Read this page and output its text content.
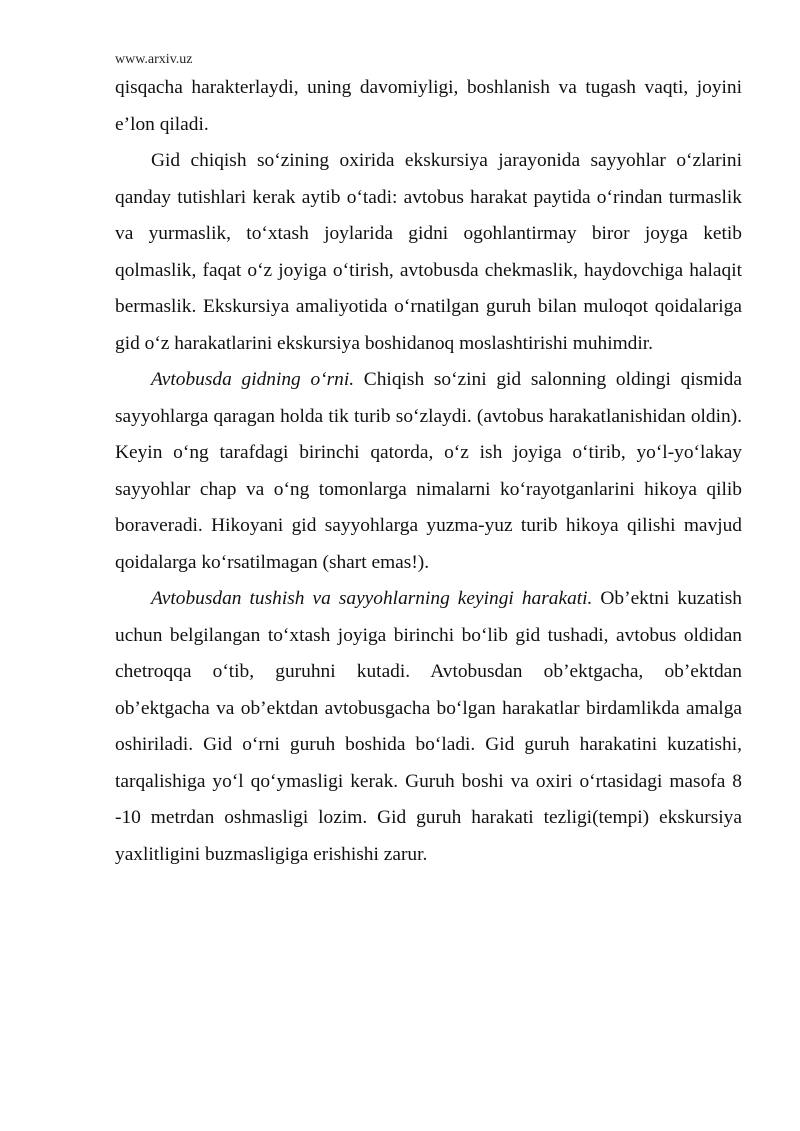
www.arxiv.uz

qisqacha harakterlaydi, uning davomiyligi, boshlanish va tugash vaqti, joyini e’lon qiladi.

Gid chiqish so‘zining oxirida ekskursiya jarayonida sayyohlar o‘zlarini qanday tutishlari kerak aytib o‘tadi: avtobus harakat paytida o‘rindan turmaslik va yurmaslik, to‘xtash joylarida gidni ogohlantirmay biror joyga ketib qolmaslik, faqat o‘z joyiga o‘tirish, avtobusda chekmaslik, haydovchiga halaqit bermaslik. Ekskursiya amaliyotida o‘rnatilgan guruh bilan muloqot qoidalariga gid o‘z harakatlarini ekskursiya boshidanoq moslashtirishi muhimdir.

Avtobusda gidning o‘rni. Chiqish so‘zini gid salonning oldingi qismida sayyohlarga qaragan holda tik turib so‘zlaydi. (avtobus harakatlanishidan oldin). Keyin o‘ng tarafdagi birinchi qatorda, o‘z ish joyiga o‘tirib, yo‘l-yo‘lakay sayyohlar chap va o‘ng tomonlarga nimalarni ko‘rayotganlarini hikoya qilib boraveradi. Hikoyani gid sayyohlarga yuzma-yuz turib hikoya qilishi mavjud qoidalarga ko‘rsatilmagan (shart emas!).

Avtobusdan tushish va sayyohlarning keyingi harakati. Ob’ektni kuzatish uchun belgilangan to‘xtash joyiga birinchi bo‘lib gid tushadi, avtobus oldidan chetroqqa o‘tib, guruhni kutadi. Avtobusdan ob’ektgacha, ob’ektdan ob’ektgacha va ob’ektdan avtobusgacha bo‘lgan harakatlar birdamlikda amalga oshiriladi. Gid o‘rni guruh boshida bo‘ladi. Gid guruh harakatini kuzatishi, tarqalishiga yo‘l qo‘ymasligi kerak. Guruh boshi va oxiri o‘rtasidagi masofa 8 -10 metrdan oshmasligi lozim. Gid guruh harakati tezligi(tempi) ekskursiya yaxlitligini buzmasligiga erishishi zarur.
